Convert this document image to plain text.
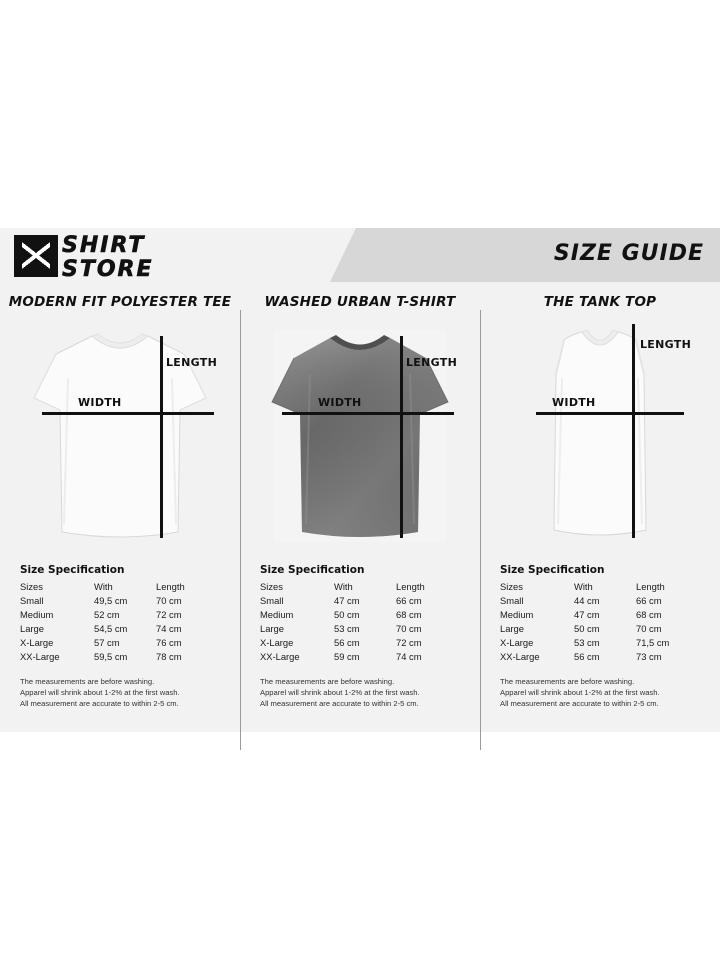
SHIRT
STORE
SIZE GUIDE
MODERN FIT POLYESTER TEE
LENGTH
WIDTH
Size Specification
Sizes	With	Length
Small	49,5 cm	70 cm
Medium	52 cm	72 cm
Large	54,5 cm	74 cm
X-Large	57 cm	76 cm
XX-Large	59,5 cm	78 cm
The measurements are before washing.
Apparel will shrink about 1-2% at the first wash.
All measurement are accurate to within 2-5 cm.
WASHED URBAN T-SHIRT
LENGTH
WIDTH
Size Specification
Sizes	With	Length
Small	47 cm	66 cm
Medium	50 cm	68 cm
Large	53 cm	70 cm
X-Large	56 cm	72 cm
XX-Large	59 cm	74 cm
The measurements are before washing.
Apparel will shrink about 1-2% at the first wash.
All measurement are accurate to within 2-5 cm.
THE TANK TOP
LENGTH
WIDTH
Size Specification
Sizes	With	Length
Small	44 cm	66 cm
Medium	47 cm	68 cm
Large	50 cm	70 cm
X-Large	53 cm	71,5 cm
XX-Large	56 cm	73 cm
The measurements are before washing.
Apparel will shrink about 1-2% at the first wash.
All measurement are accurate to within 2-5 cm.
